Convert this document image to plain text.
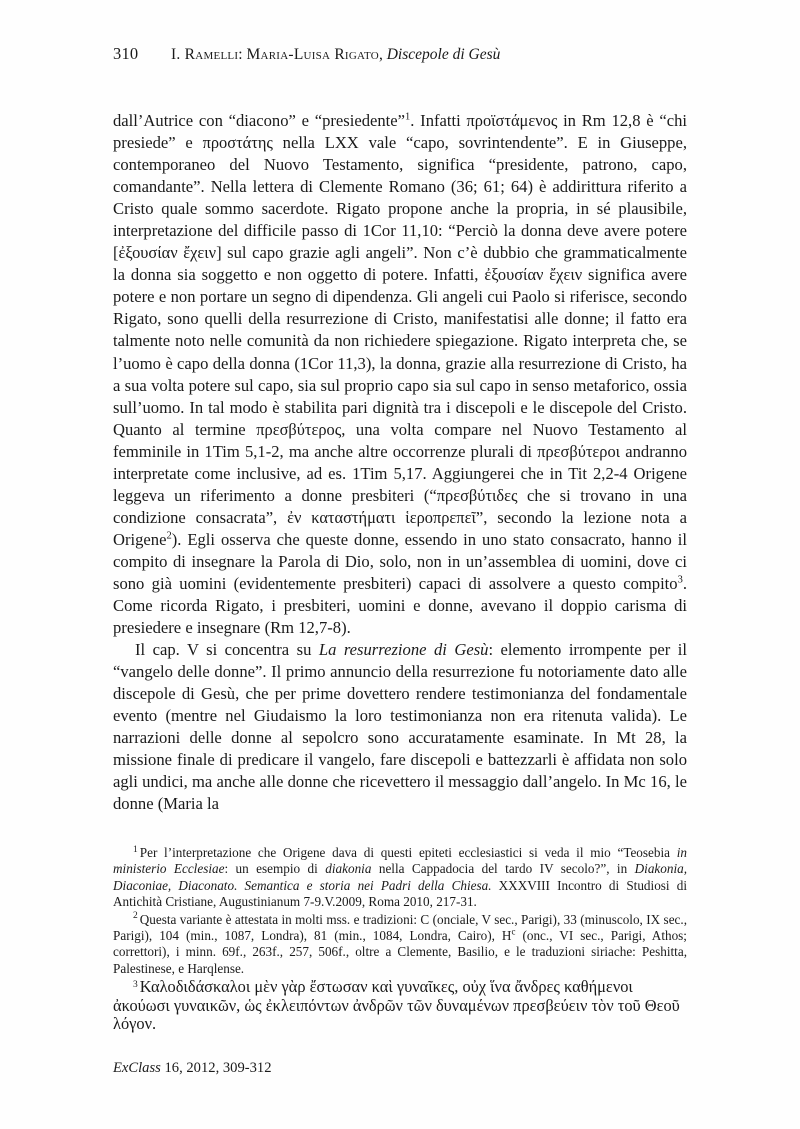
310	I. Ramelli: Maria-Luisa Rigato, Discepole di Gesù

dall’Autrice con “diacono” e “presiedente”$^1$. Infatti προϊστάμενος in Rm 12,8 è “chi presiede” e προστάτης nella LXX vale “capo, sovrintendente”. E in Giuseppe, contemporaneo del Nuovo Testamento, significa “presidente, patrono, capo, comandante”. Nella lettera di Clemente Romano (36; 61; 64) è addirittura riferito a Cristo quale sommo sacerdote. Rigato propone anche la propria, in sé plausibile, interpretazione del difficile passo di 1Cor 11,10: “Perciò la donna deve avere potere [ἐξουσίαν ἔχειν] sul capo grazie agli angeli”. Non c’è dubbio che grammaticalmente la donna sia soggetto e non oggetto di potere. Infatti, ἐξουσίαν ἔχειν significa avere potere e non portare un segno di dipendenza. Gli angeli cui Paolo si riferisce, secondo Rigato, sono quelli della resurrezione di Cristo, manifestatisi alle donne; il fatto era talmente noto nelle comunità da non richiedere spiegazione. Rigato interpreta che, se l’uomo è capo della donna (1Cor 11,3), la donna, grazie alla resurrezione di Cristo, ha a sua volta potere sul capo, sia sul proprio capo sia sul capo in senso metaforico, ossia sull’uomo. In tal modo è stabilita pari dignità tra i discepoli e le discepole del Cristo. Quanto al termine πρεσβύτερος, una volta compare nel Nuovo Testamento al femminile in 1Tim 5,1-2, ma anche altre occorrenze plurali di πρεσβύτεροι andranno interpretate come inclusive, ad es. 1Tim 5,17. Aggiungerei che in Tit 2,2-4 Origene leggeva un riferimento a donne presbiteri (“πρεσβύτιδες che si trovano in una condizione consacrata”, ἐν καταστήματι ἱεροπρεπεῖ”, secondo la lezione nota a Origene$^2$). Egli osserva che queste donne, essendo in uno stato consacrato, hanno il compito di insegnare la Parola di Dio, solo, non in un’assemblea di uomini, dove ci sono già uomini (evidentemente presbiteri) capaci di assolvere a questo compito$^3$. Come ricorda Rigato, i presbiteri, uomini e donne, avevano il doppio carisma di presiedere e insegnare (Rm 12,7-8).

Il cap. V si concentra su La resurrezione di Gesù: elemento irrompente per il “vangelo delle donne”. Il primo annuncio della resurrezione fu notoriamente dato alle discepole di Gesù, che per prime dovettero rendere testimonianza del fondamentale evento (mentre nel Giudaismo la loro testimonianza non era ritenuta valida). Le narrazioni delle donne al sepolcro sono accuratamente esaminate. In Mt 28, la missione finale di predicare il vangelo, fare discepoli e battezzarli è affidata non solo agli undici, ma anche alle donne che ricevettero il messaggio dall’angelo. In Mc 16, le donne (Maria la

$^1$ Per l’interpretazione che Origene dava di questi epiteti ecclesiastici si veda il mio “Teosebia in ministerio Ecclesiae: un esempio di diakonia nella Cappadocia del tardo IV secolo?”, in Diakonia, Diaconiae, Diaconato. Semantica e storia nei Padri della Chiesa. XXXVIII Incontro di Studiosi di Antichità Cristiane, Augustinianum 7-9.V.2009, Roma 2010, 217-31.

$^2$ Questa variante è attestata in molti mss. e tradizioni: C (onciale, V sec., Parigi), 33 (minuscolo, IX sec., Parigi), 104 (min., 1087, Londra), 81 (min., 1084, Londra, Cairo), $H^c$ (onc., VI sec., Parigi, Athos; correttori), i minn. 69f., 263f., 257, 506f., oltre a Clemente, Basilio, e le traduzioni siriache: Peshitta, Palestinese, e Harqlense.

$^3$ Καλοδιδάσκαλοι μὲν γὰρ ἔστωσαν καὶ γυναῖκες, οὐχ ἵνα ἄνδρες καθήμενοι ἀκούωσι γυναικῶν, ὡς ἐκλειπόντων ἀνδρῶν τῶν δυναμένων πρεσβεύειν τὸν τοῦ Θεοῦ λόγον.

ExClass 16, 2012, 309-312
